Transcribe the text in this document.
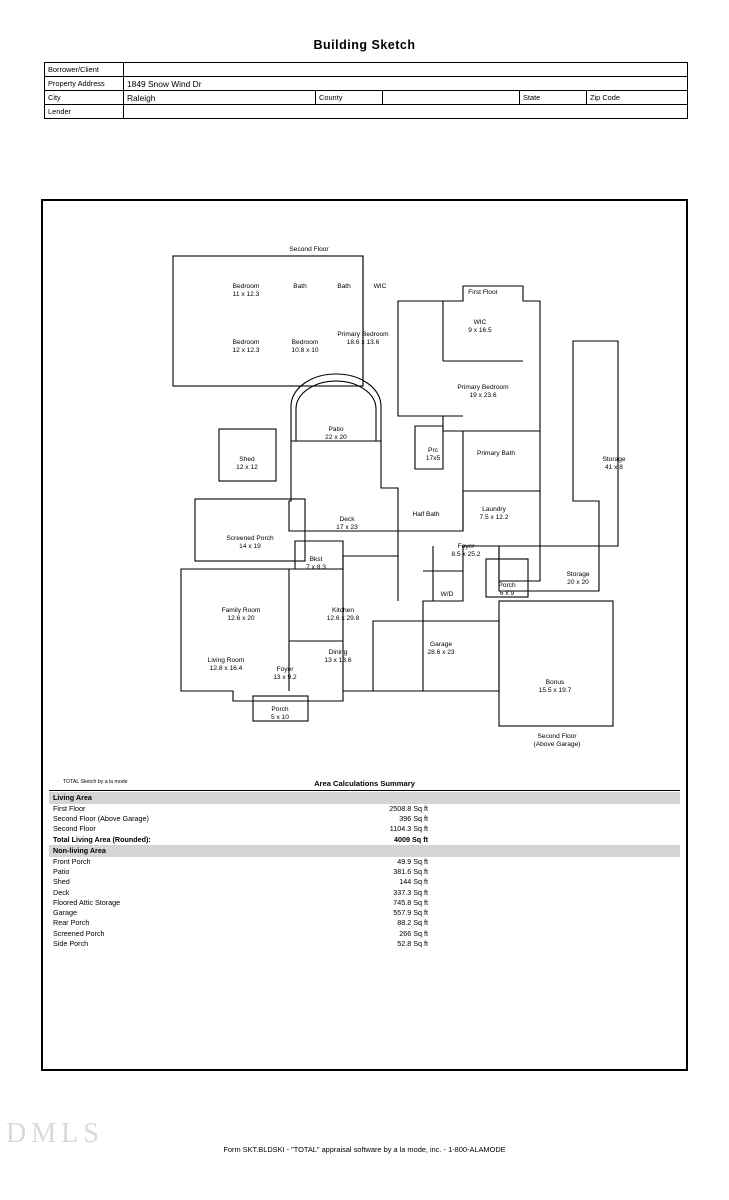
Building Sketch
Borrower/Client					
Property Address	1849 Snow Wind Dr				
City	Raleigh	County		State	Zip Code
Lender					
Second Floor
Bedroom
11 x 12.3
Bath	Bath	WIC
Bedroom
12 x 12.3
Bedroom
10.8 x 10
Primary Bedroom
18.6 x 13.6
First Floor
WIC
9 x 16.5
Primary Bedroom
19 x 23.6
Storage
41 x 8
Patio
22 x 20
Shed
12 x 12
Prc
17x5
Primary Bath
Deck
17 x 23
Half Bath
Laundry
7.5 x 12.2
Screened Porch
14 x 19
Bkst
7 x 8.3
Foyer
8.5 x 25.2
Porch
6 x 9
Storage
20 x 20
W/D
Family Room
12.6 x 20
Kitchen
12.6 x 29.8
Garage
28.6 x 23
Living Room
12.8 x 16.4	Foyer
13 x 9.2
Dining
13 x 13.6
Bonus
15.5 x 19.7
Porch
5 x 10
Second Floor
(Above Garage)
TOTAL Sketch by a la mode	Area Calculations Summary
Living Area
First Floor	2508.8 Sq ft
Second Floor (Above Garage)	396 Sq ft
Second Floor	1104.3 Sq ft
Total Living Area (Rounded):	4009 Sq ft
Non-living Area
Front Porch	49.9 Sq ft
Patio	381.6 Sq ft
Shed	144 Sq ft
Deck	337.3 Sq ft
Floored Attic Storage	745.8 Sq ft
Garage	557.9 Sq ft
Rear Porch	88.2 Sq ft
Screened Porch	266 Sq ft
Side Porch	52.8 Sq ft
DMLS
Form SKT.BLDSKI - "TOTAL" appraisal software by a la mode, inc. - 1-800-ALAMODE
